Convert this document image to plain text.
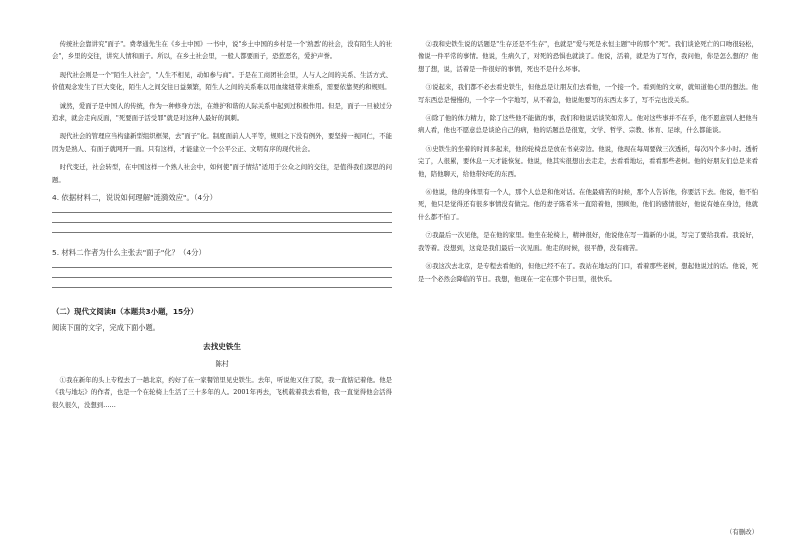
传统社会靠讲究"面子"。费孝通先生在《乡土中国》一书中，说"乡土中国的乡村是一个'熟悉'的社会，没有陌生人的社会"，乡里的交往，讲究人情和面子。所以，在乡土社会里，一般人都要面子，恐惹恶名，爱护声誉。

现代社会则是一个"陌生人社会"，"人生不相见，动如参与商"。于是在工商团社会里，人与人之间的关系、生活方式、价值观念发生了巨大变化，陌生人之间交往日益频繁，陌生人之间的关系难以用血缘纽带来维系，需要依靠契约和规则。

诚然，爱面子是中国人的传统，作为一种修身方法，在维护和谐的人际关系中起到过积极作用。但是，面子一旦被过分追求，就会走向反面，"死要面子活受罪"就是对这种人最好的讽刺。

现代社会的管理应当构建新型组织框架，去"面子"化。制度面前人人平等，规则之下没有例外，要坚持一视同仁，不能因为是熟人、有面子就网开一面。只有这样，才能建立一个公平公正、文明有序的现代社会。

时代变迁，社会转型，在中国这样一个熟人社会中，如何使"面子情结"适用于公众之间的交往，是值得我们深思的问题。

4. 依据材料二，说说如何理解"涟漪效应"。（4分）
5. 材料二作者为什么主张去"面子"化？（4分）
（二）现代文阅读Ⅱ（本题共3小题，15分）
阅读下面的文字，完成下面小题。
去找史铁生
陈村

①我在新年的头上专程去了一趟北京，约好了在一家餐馆里见史铁生。去年，听说他又住了院，我一直惦记着他。他是《我与地坛》的作者，也是一个在轮椅上生活了三十多年的人。2001年再去，飞机载着我去看他，我一直觉得他会活得很久很久，没想到……

②我和史铁生说的话题是"生存还是不生存"，也就是"爱与死是永恒主题"中的那个"死"。我们谈论死亡的口吻很轻松，像说一件平常的事情。他说，生病久了，对死的恐惧也就淡了。他说，活着，就是为了写作，我问他，你是怎么想的？他想了想，说，活着是一件很好的事情，死也不是什么坏事。

③说起来，我们都不必去看史铁生，但他总是让朋友们去看他，一个接一个。看到他的文章，就知道他心里的想法。他写东西总是慢慢的，一个字一个字地写，从不着急，他说他要写的东西太多了，写不完也没关系。

④除了他的体力精力，除了这些他不能做的事，我们和他说话谈笑如常人。他对这些事并不在乎，他不愿意别人把他当病人看，他也不愿意总是谈论自己的病，他的话题总是很宽，文学、哲学、宗教、体育、足球，什么都能谈。

⑤史铁生的坐着的时间多起来，他的轮椅总是放在书桌旁边。他说，他现在每周要做三次透析，每次四个多小时。透析完了，人很累，要休息一天才能恢复。他说，他其实很想出去走走，去看看地坛，看看那些老树。他的好朋友们总是来看他，陪他聊天，给他带好吃的东西。

⑥他说，他的身体里有一个人，那个人总是和他对话。在他最痛苦的时候，那个人告诉他，你要活下去。他说，他不怕死，他只是觉得还有很多事情没有做完。他的妻子陈希米一直陪着他，照顾他，他们的感情很好，他说有她在身边，他就什么都不怕了。

⑦我最后一次见他，是在他的家里。他坐在轮椅上，精神很好，他说他在写一篇新的小说，写完了要给我看。我说好，我等着。没想到，这竟是我们最后一次见面。他走的时候，很平静，没有痛苦。

⑧我这次去北京，是专程去看他的，但他已经不在了。我站在地坛的门口，看着那些老树，想起他说过的话。他说，死是一个必然会降临的节日。我想，他现在一定在那个节日里，很快乐。

（有删改）
